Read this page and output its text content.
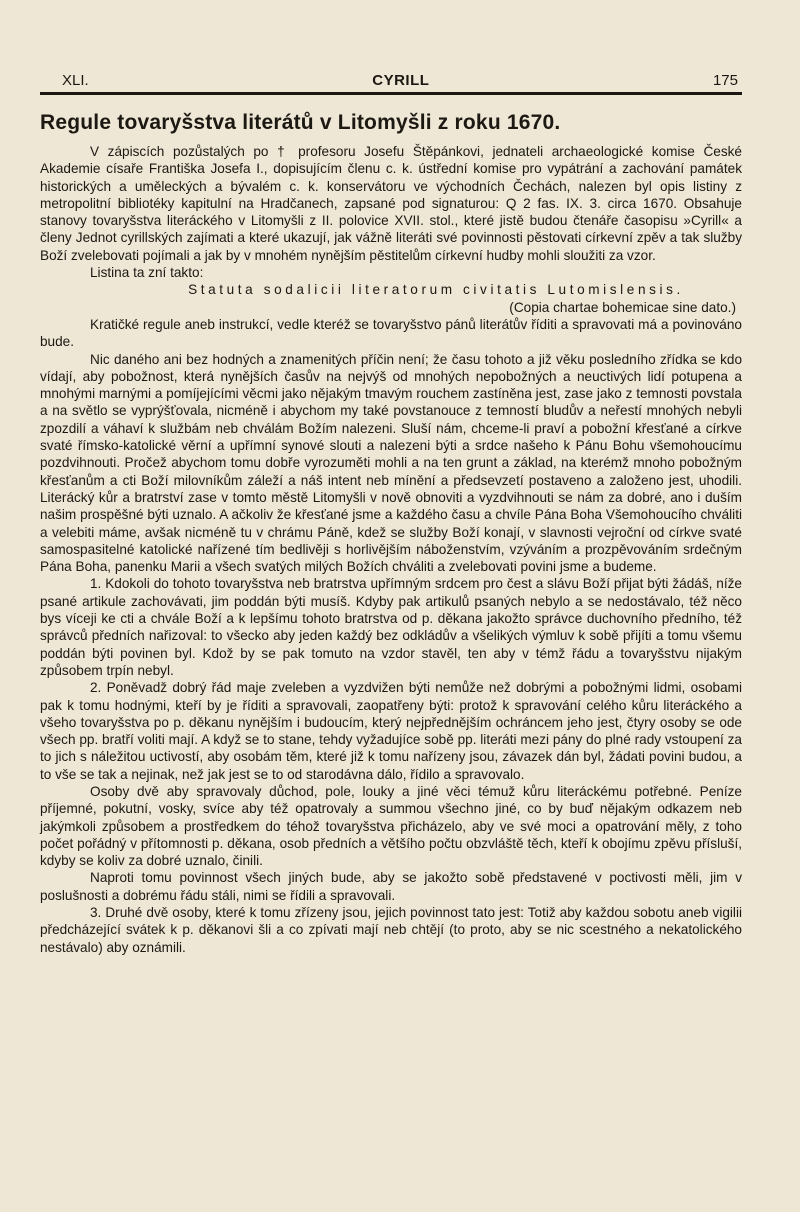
XLI.	CYRILL	175
Regule tovaryšstva literátů v Litomyšli z roku 1670.

V zápiscích pozůstalých po † profesoru Josefu Štěpánkovi, jednateli archaeologické komise České Akademie císaře Františka Josefa I., dopisujícím členu c. k. ústřední komise pro vypátrání a zachování památek historických a uměleckých a bývalém c. k. konservátoru ve východních Čechách, nalezen byl opis listiny z metropolitní bibliotéky kapitulní na Hradčanech, zapsané pod signaturou: Q 2 fas. IX. 3. circa 1670. Obsahuje stanovy tovaryšstva literáckého v Litomyšli z II. polovice XVII. stol., které jistě budou čtenáře časopisu »Cyrill« a členy Jednot cyrillských zajímati a které ukazují, jak vážně literáti své povinnosti pěstovati církevní zpěv a tak služby Boží zvelebovati pojímali a jak by v mnohém nynějším pěstitelům církevní hudby mohli sloužiti za vzor.

Listina ta zní takto:

Statuta sodalicii literatorum civitatis Lutomislensis.

(Copia chartae bohemicae sine dato.)

Kratičké regule aneb instrukcí, vedle kteréž se tovaryšstvo pánů literátův říditi a spravovati má a povinováno bude.

Nic daného ani bez hodných a znamenitých příčin není; že času tohoto a již věku posledního zřídka se kdo vídají, aby pobožnost, která nynějších časův na nejvýš od mnohých nepobožných a neuctivých lidí potupena a mnohými marnými a pomíjejícími věcmi jako nějakým tmavým rouchem zastíněna jest, zase jako z temnosti povstala a na světlo se vyprýšťovala, nicméně i abychom my také povstanouce z temností bludův a neřestí mnohých nebyli zpozdilí a váhaví k službám neb chválám Božím nalezeni. Sluší nám, chceme-li praví a pobožní křesťané a církve svaté římsko-katolické věrní a upřímní synové slouti a nalezeni býti a srdce našeho k Pánu Bohu všemohoucímu pozdvihnouti. Pročež abychom tomu dobře vyrozuměti mohli a na ten grunt a základ, na kterémž mnoho pobožným křesťanům a cti Boží milovníkům záleží a náš intent neb mínění a předsevzetí postaveno a založeno jest, uhodili. Literácký kůr a bratrství zase v tomto městě Litomyšli v nově obnoviti a vyzdvihnouti se nám za dobré, ano i duším našim prospěšné býti uznalo. A ačkoliv že křesťané jsme a každého času a chvíle Pána Boha Všemohoucího chváliti a velebiti máme, avšak nicméně tu v chrámu Páně, kdež se služby Boží konají, v slavnosti vejroční od církve svaté samospasitelné katolické nařízené tím bedlivěji s horlivějším náboženstvím, vzýváním a prozpěvováním srdečným Pána Boha, panenku Marii a všech svatých milých Božích chváliti a zvelebovati povini jsme a budeme.

1. Kdokoli do tohoto tovaryšstva neb bratrstva upřímným srdcem pro čest a slávu Boží přijat býti žádáš, níže psané artikule zachovávati, jim poddán býti musíš. Kdyby pak artikulů psaných nebylo a se nedostávalo, též něco bys víceji ke cti a chvále Boží a k lepšímu tohoto bratrstva od p. děkana jakožto správce duchovního předního, též správců předních nařizoval: to všecko aby jeden každý bez odkládův a všelikých výmluv k sobě přijíti a tomu všemu poddán býti povinen byl. Kdož by se pak tomuto na vzdor stavěl, ten aby v témž řádu a tovaryšstvu nijakým způsobem trpín nebyl.

2. Poněvadž dobrý řád maje zveleben a vyzdvižen býti nemůže než dobrými a pobožnými lidmi, osobami pak k tomu hodnými, kteří by je říditi a spravovali, zaopatřeny býti: protož k spravování celého kůru literáckého a všeho tovaryšstva po p. děkanu nynějším i budoucím, který nejpřednějším ochráncem jeho jest, čtyry osoby se ode všech pp. bratří voliti mají. A když se to stane, tehdy vyžadujíce sobě pp. literáti mezi pány do plné rady vstoupení za to jich s náležitou uctivostí, aby osobám těm, které již k tomu nařízeny jsou, závazek dán byl, žádati povini budou, a to vše se tak a nejinak, než jak jest se to od starodávna dálo, řídilo a spravovalo.

Osoby dvě aby spravovaly důchod, pole, louky a jiné věci témuž kůru literáckému potřebné. Peníze příjemné, pokutní, vosky, svíce aby též opatrovaly a summou všechno jiné, co by buď nějakým odkazem neb jakýmkoli způsobem a prostředkem do téhož tovaryšstva přicházelo, aby ve své moci a opatrování měly, z toho počet pořádný v přítomnosti p. děkana, osob předních a většího počtu obzvláště těch, kteří k obojímu zpěvu přísluší, kdyby se koliv za dobré uznalo, činili.

Naproti tomu povinnost všech jiných bude, aby se jakožto sobě představené v poctivosti měli, jim v poslušnosti a dobrému řádu stáli, nimi se řídili a spravovali.

3. Druhé dvě osoby, které k tomu zřízeny jsou, jejich povinnost tato jest: Totiž aby každou sobotu aneb vigilii předcházející svátek k p. děkanovi šli a co zpívati mají neb chtějí (to proto, aby se nic scestného a nekatolického nestávalo) aby oznámili.
